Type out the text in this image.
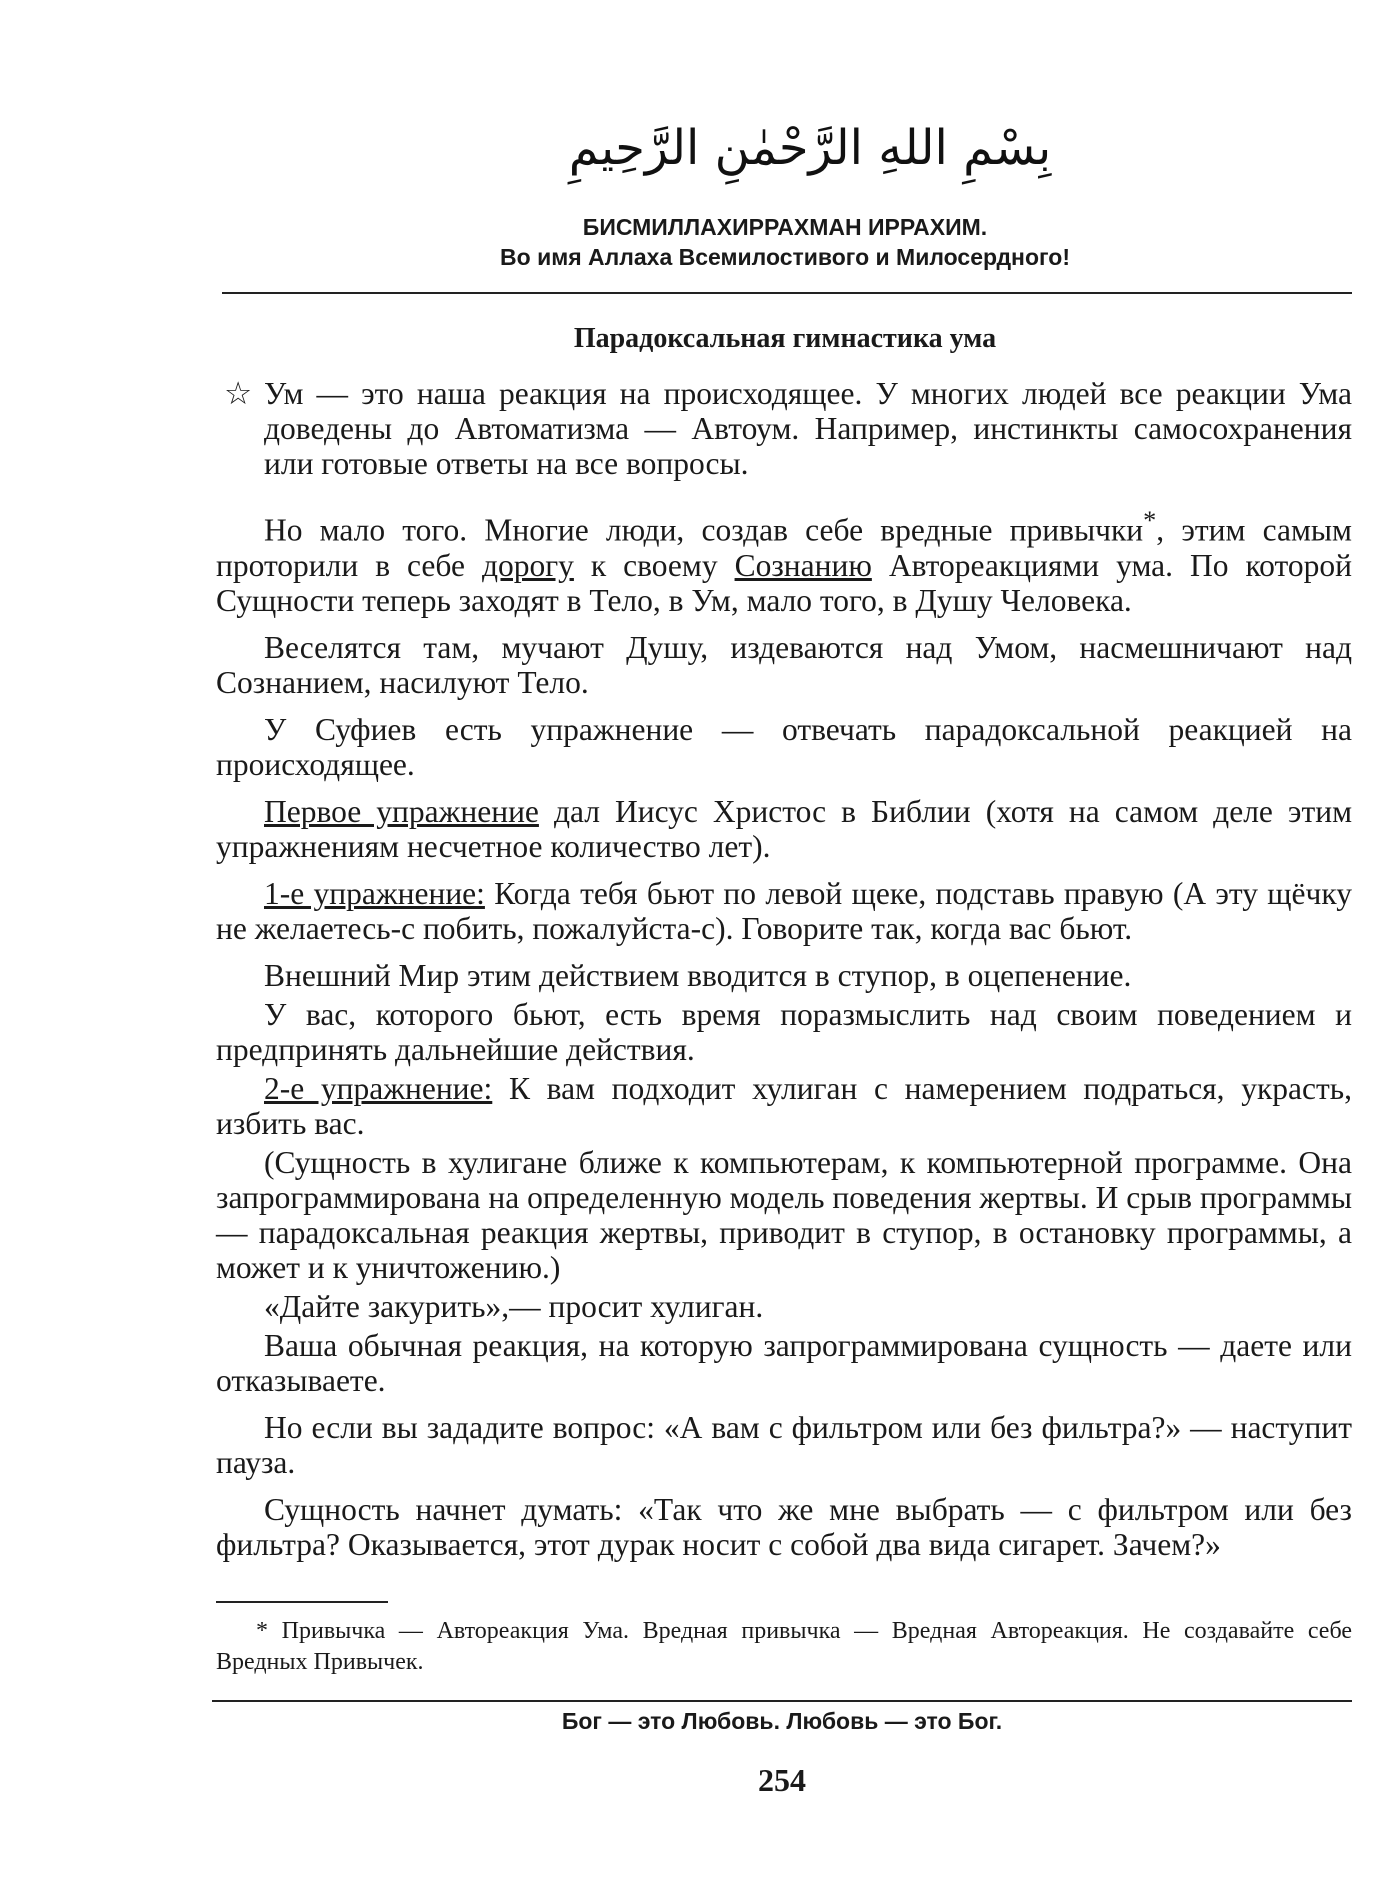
بِسْمِ اللهِ الرَّحْمٰنِ الرَّحِيمِ
БИСМИЛЛАХИРРАХМАН ИРРАХИМ.
Во имя Аллаха Всемилостивого и Милосердного!
Парадоксальная гимнастика ума

☆ Ум — это наша реакция на происходящее. У многих людей все реакции Ума доведены до Автоматизма — Автоум. Например, инстинкты самосохранения или готовые ответы на все вопросы.

Но мало того. Многие люди, создав себе вредные привычки*, этим самым проторили в себе дорогу к своему Сознанию Автореакциями ума. По которой Сущности теперь заходят в Тело, в Ум, мало того, в Душу Человека.

Веселятся там, мучают Душу, издеваются над Умом, насмешничают над Сознанием, насилуют Тело.

У Суфиев есть упражнение — отвечать парадоксальной реакцией на происходящее.

Первое упражнение дал Иисус Христос в Библии (хотя на самом деле этим упражнениям несчетное количество лет).

1-е упражнение: Когда тебя бьют по левой щеке, подставь правую (А эту щёчку не желаетесь-с побить, пожалуйста-с). Говорите так, когда вас бьют.

Внешний Мир этим действием вводится в ступор, в оцепенение.

У вас, которого бьют, есть время поразмыслить над своим поведением и предпринять дальнейшие действия.

2-е упражнение: К вам подходит хулиган с намерением подраться, украсть, избить вас.

(Сущность в хулигане ближе к компьютерам, к компьютерной программе. Она запрограммирована на определенную модель поведения жертвы. И срыв программы — парадоксальная реакция жертвы, приводит в ступор, в остановку программы, а может и к уничтожению.)

«Дайте закурить»,— просит хулиган.

Ваша обычная реакция, на которую запрограммирована сущность — даете или отказываете.

Но если вы зададите вопрос: «А вам с фильтром или без фильтра?» — наступит пауза.

Сущность начнет думать: «Так что же мне выбрать — с фильтром или без фильтра? Оказывается, этот дурак носит с собой два вида сигарет. Зачем?»

* Привычка — Автореакция Ума. Вредная привычка — Вредная Автореакция. Не создавайте себе Вредных Привычек.
Бог — это Любовь. Любовь — это Бог.
254
